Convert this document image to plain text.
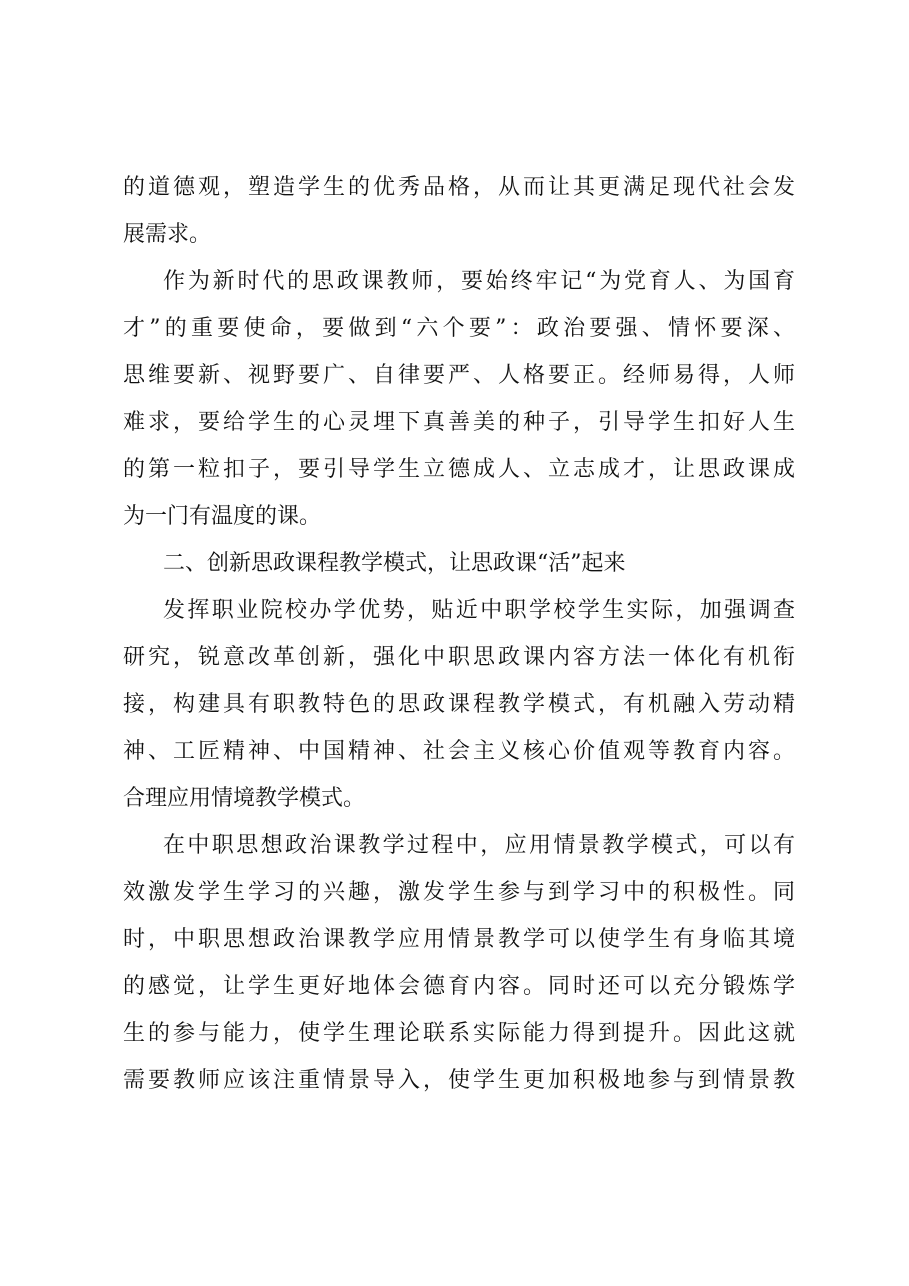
的道德观，塑造学生的优秀品格，从而让其更满足现代社会发
展需求。
作为新时代的思政课教师，要始终牢记“为党育人、为国育
才”的重要使命，要做到“六个要”：政治要强、情怀要深、
思维要新、视野要广、自律要严、人格要正。经师易得，人师
难求，要给学生的心灵埋下真善美的种子，引导学生扣好人生
的第一粒扣子，要引导学生立德成人、立志成才，让思政课成
为一门有温度的课。
二、创新思政课程教学模式，让思政课“活”起来
发挥职业院校办学优势，贴近中职学校学生实际，加强调查
研究，锐意改革创新，强化中职思政课内容方法一体化有机衔
接，构建具有职教特色的思政课程教学模式，有机融入劳动精
神、工匠精神、中国精神、社会主义核心价值观等教育内容。
合理应用情境教学模式。
在中职思想政治课教学过程中，应用情景教学模式，可以有
效激发学生学习的兴趣，激发学生参与到学习中的积极性。同
时，中职思想政治课教学应用情景教学可以使学生有身临其境
的感觉，让学生更好地体会德育内容。同时还可以充分锻炼学
生的参与能力，使学生理论联系实际能力得到提升。因此这就
需要教师应该注重情景导入，使学生更加积极地参与到情景教
